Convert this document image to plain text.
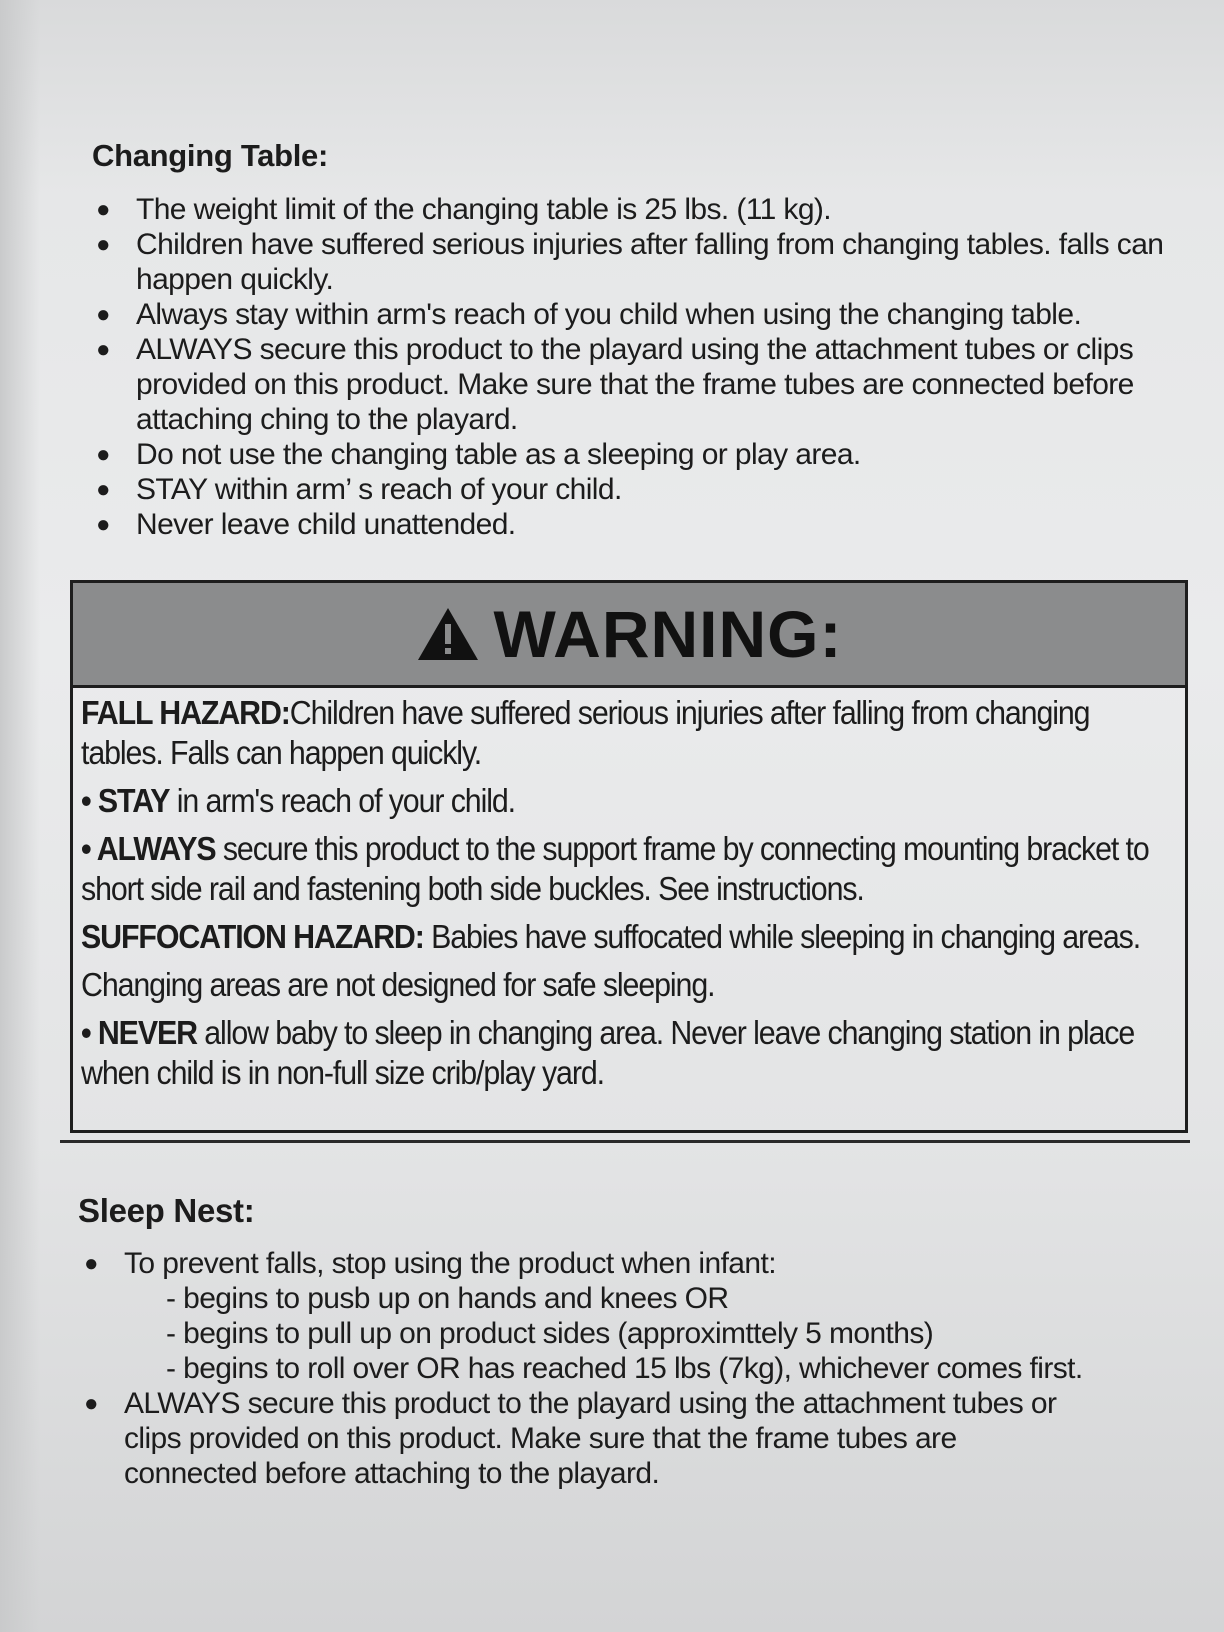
Changing Table:
● The weight limit of the changing table is 25 lbs. (11 kg).
● Children have suffered serious injuries after falling from changing tables. falls can happen quickly.
● Always stay within arm's reach of you child when using the changing table.
● ALWAYS secure this product to the playard using the attachment tubes or clips provided on this product. Make sure that the frame tubes are connected before attaching ching to the playard.
● Do not use the changing table as a sleeping or play area.
● STAY within arm’ s reach of your child.
● Never leave child unattended.
WARNING:

FALL HAZARD:Children have suffered serious injuries after falling from changing tables. Falls can happen quickly.

• STAY in arm's reach of your child.

• ALWAYS secure this product to the support frame by connecting mounting bracket to short side rail and fastening both side buckles. See instructions.

SUFFOCATION HAZARD: Babies have suffocated while sleeping in changing areas.

Changing areas are not designed for safe sleeping.

• NEVER allow baby to sleep in changing area. Never leave changing station in place when child is in non-full size crib/play yard.

Sleep Nest:
● To prevent falls, stop using the product when infant:
- begins to pusb up on hands and knees OR
- begins to pull up on product sides (approximttely 5 months)
- begins to roll over OR has reached 15 lbs (7kg), whichever comes first.
● ALWAYS secure this product to the playard using the attachment tubes or clips provided on this product. Make sure that the frame tubes are connected before attaching to the playard.
